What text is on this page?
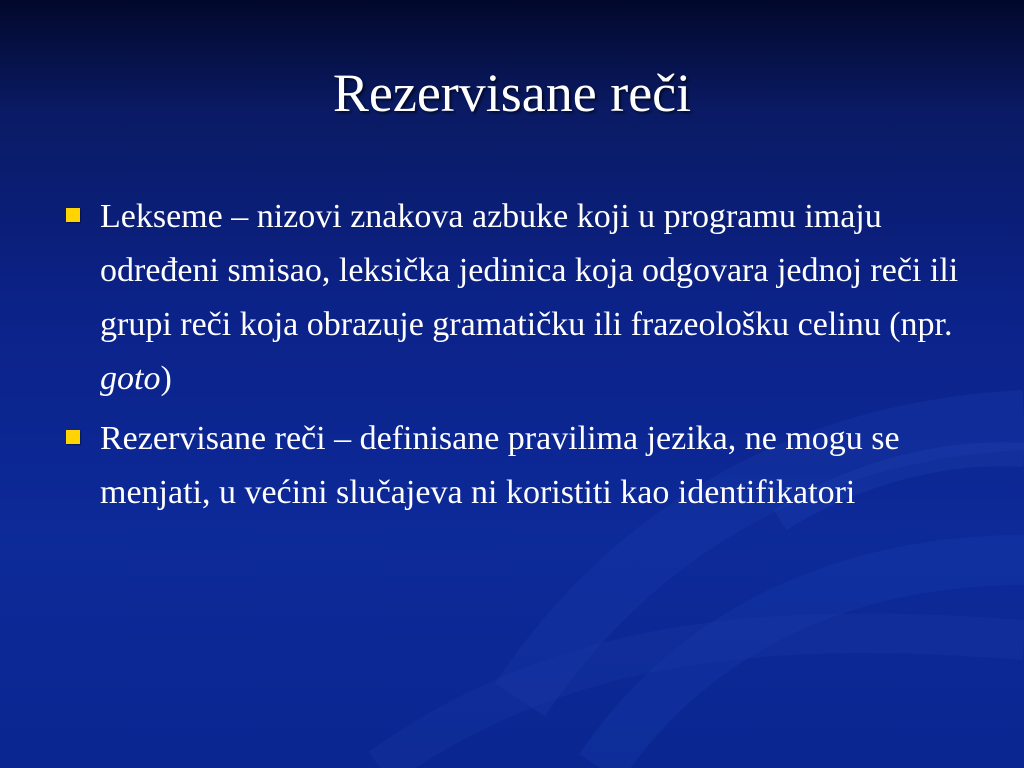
Rezervisane reči
Lekseme – nizovi znakova azbuke koji u programu imaju određeni smisao, leksička jedinica koja odgovara jednoj reči ili grupi reči koja obrazuje gramatičku ili frazeološku celinu (npr. goto)
Rezervisane reči – definisane pravilima jezika, ne mogu se menjati, u većini slučajeva ni koristiti kao identifikatori
